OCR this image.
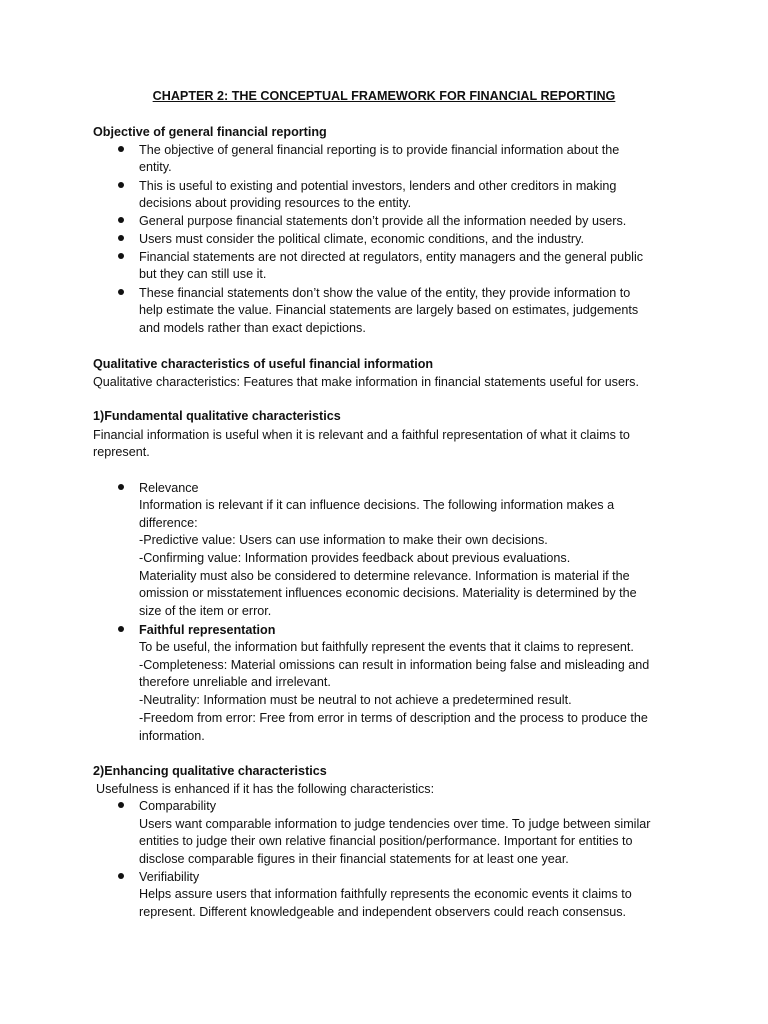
CHAPTER 2: THE CONCEPTUAL FRAMEWORK FOR FINANCIAL REPORTING
Objective of general financial reporting
The objective of general financial reporting is to provide financial information about the
entity.
This is useful to existing and potential investors, lenders and other creditors in making
decisions about providing resources to the entity.
General purpose financial statements don’t provide all the information needed by users.
Users must consider the political climate, economic conditions, and the industry.
Financial statements are not directed at regulators, entity managers and the general public
but they can still use it.
These financial statements don’t show the value of the entity, they provide information to
help estimate the value. Financial statements are largely based on estimates, judgements
and models rather than exact depictions.
Qualitative characteristics of useful financial information
Qualitative characteristics: Features that make information in financial statements useful for users.
1)Fundamental qualitative characteristics
Financial information is useful when it is relevant and a faithful representation of what it claims to
represent.
Relevance
Information is relevant if it can influence decisions. The following information makes a
difference:
-Predictive value: Users can use information to make their own decisions.
-Confirming value: Information provides feedback about previous evaluations.
Materiality must also be considered to determine relevance. Information is material if the
omission or misstatement influences economic decisions. Materiality is determined by the
size of the item or error.
Faithful representation
To be useful, the information but faithfully represent the events that it claims to represent.
-Completeness: Material omissions can result in information being false and misleading and
therefore unreliable and irrelevant.
-Neutrality: Information must be neutral to not achieve a predetermined result.
-Freedom from error: Free from error in terms of description and the process to produce the
information.
2)Enhancing qualitative characteristics
Usefulness is enhanced if it has the following characteristics:
Comparability
Users want comparable information to judge tendencies over time. To judge between similar
entities to judge their own relative financial position/performance. Important for entities to
disclose comparable figures in their financial statements for at least one year.
Verifiability
Helps assure users that information faithfully represents the economic events it claims to
represent. Different knowledgeable and independent observers could reach consensus.
